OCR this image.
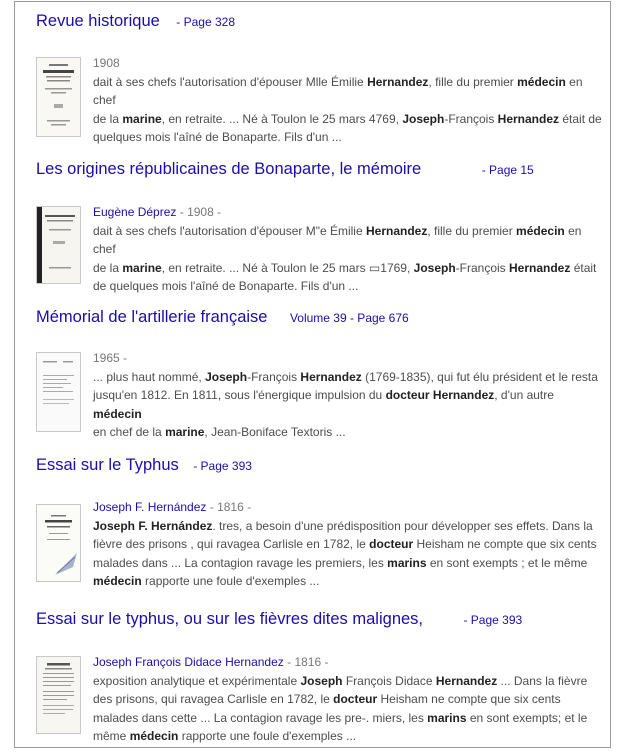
Revue historique - Page 328
1908
dait à ses chefs l'autorisation d'épouser Mlle Émilie Hernandez, fille du premier médecin en chef
de la marine, en retraite. ... Né à Toulon le 25 mars 4769, Joseph-François Hernandez était de
quelques mois l'aîné de Bonaparte. Fils d'un ...
Les origines républicaines de Bonaparte, le mémoire	- Page 15
Eugène Déprez - 1908 -
dait à ses chefs l'autorisation d'épouser M"e Émilie Hernandez, fille du premier médecin en chef
de la marine, en retraite. ... Né à Toulon le 25 mars ▭1769, Joseph-François Hernandez était
de quelques mois l'aîné de Bonaparte. Fils d'un ...
Mémorial de l'artillerie française Volume 39 - Page 676
1965 -
... plus haut nommé, Joseph-François Hernandez (1769-1835), qui fut élu président et le resta
jusqu'en 1812. En 1811, sous l'énergique impulsion du docteur Hernandez, d'un autre médecin
en chef de la marine, Jean-Boniface Textoris ...
Essai sur le Typhus - Page 393
Joseph F. Hernández - 1816 -
Joseph F. Hernández. tres, a besoin d'une prédisposition pour développer ses effets. Dans la
fièvre des prisons , qui ravagea Carlisle en 1782, le docteur Heisham ne compte que six cents
malades dans ... La contagion ravage les premiers, les marins en sont exempts ; et le même
médecin rapporte une foule d'exemples ...
Essai sur le typhus, ou sur les fièvres dites malignes,	- Page 393
Joseph François Didace Hernandez - 1816 -
exposition analytique et expérimentale Joseph François Didace Hernandez ... Dans la fièvre
des prisons, qui ravagea Carlisle en 1782, le docteur Heisham ne compte que six cents
malades dans cette ... La contagion ravage les pre-. miers, les marins en sont exempts; et le
même médecin rapporte une foule d'exemples ...
